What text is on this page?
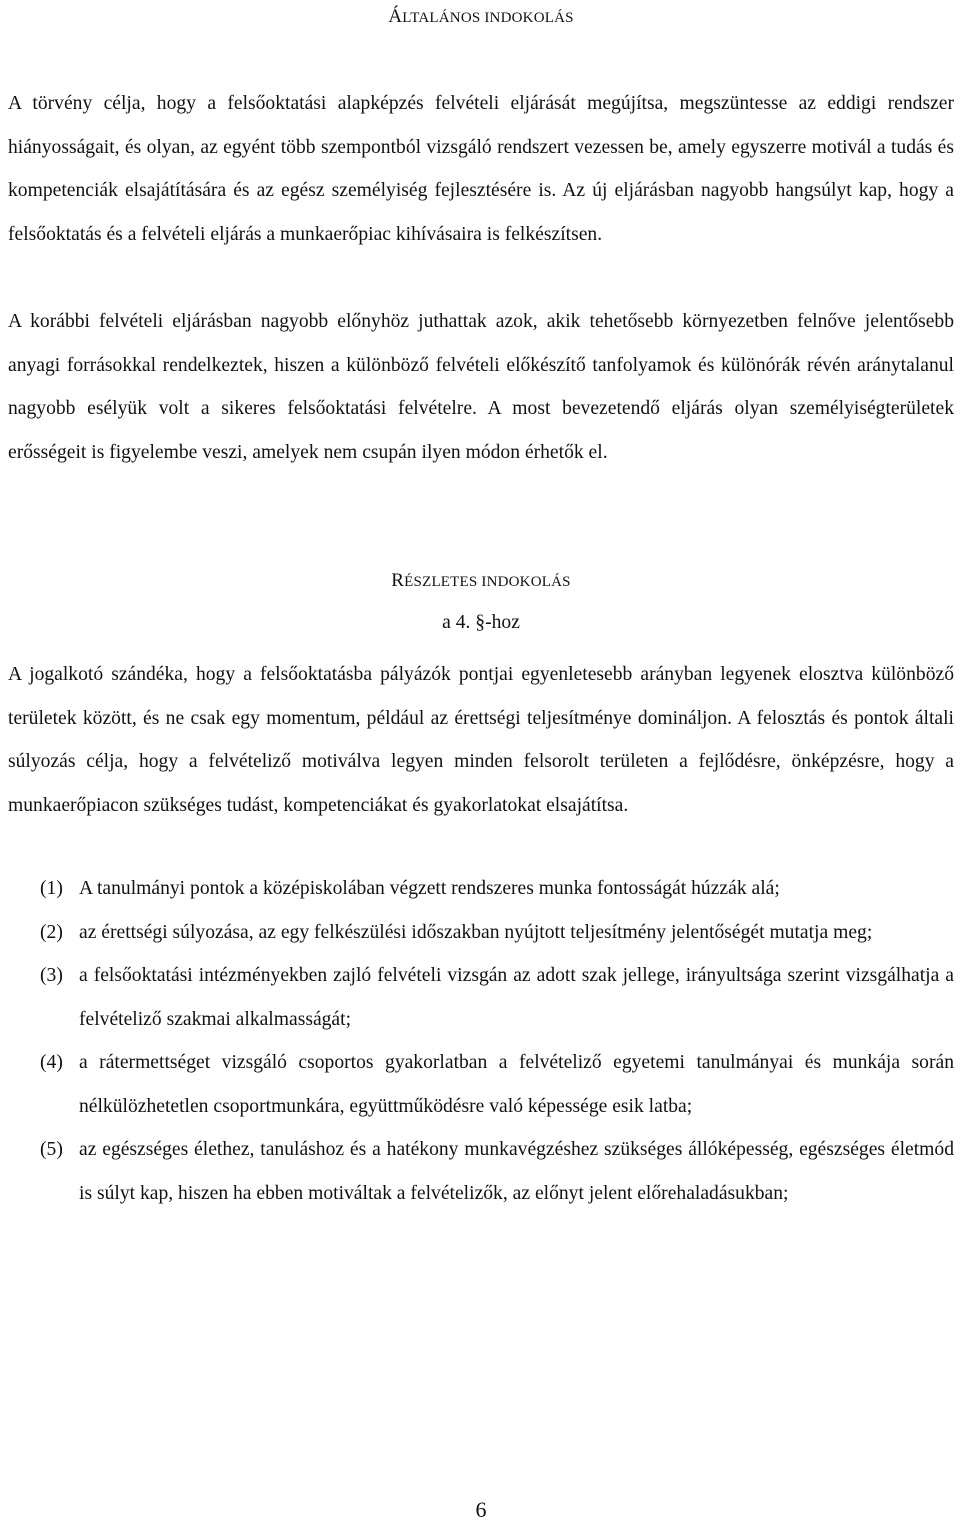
ÁLTALÁNOS INDOKOLÁS
A törvény célja, hogy a felsőoktatási alapképzés felvételi eljárását megújítsa, megszüntesse az eddigi rendszer hiányosságait, és olyan, az egyént több szempontból vizsgáló rendszert vezessen be, amely egyszerre motivál a tudás és kompetenciák elsajátítására és az egész személyiség fejlesztésére is. Az új eljárásban nagyobb hangsúlyt kap, hogy a felsőoktatás és a felvételi eljárás a munkaerőpiac kihívásaira is felkészítsen.
A korábbi felvételi eljárásban nagyobb előnyhöz juthattak azok, akik tehetősebb környezetben felnőve jelentősebb anyagi forrásokkal rendelkeztek, hiszen a különböző felvételi előkészítő tanfolyamok és különórák révén aránytalanul nagyobb esélyük volt a sikeres felsőoktatási felvételre. A most bevezetendő eljárás olyan személyiségterületek erősségeit is figyelembe veszi, amelyek nem csupán ilyen módon érhetők el.
RÉSZLETES INDOKOLÁS
a 4. §-hoz
A jogalkotó szándéka, hogy a felsőoktatásba pályázók pontjai egyenletesebb arányban legyenek elosztva különböző területek között, és ne csak egy momentum, például az érettségi teljesítménye domináljon. A felosztás és pontok általi súlyozás célja, hogy a felvételiző motiválva legyen minden felsorolt területen a fejlődésre, önképzésre, hogy a munkaerőpiacon szükséges tudást, kompetenciákat és gyakorlatokat elsajátítsa.
(1) A tanulmányi pontok a középiskolában végzett rendszeres munka fontosságát húzzák alá;
(2) az érettségi súlyozása, az egy felkészülési időszakban nyújtott teljesítmény jelentőségét mutatja meg;
(3) a felsőoktatási intézményekben zajló felvételi vizsgán az adott szak jellege, irányultsága szerint vizsgálhatja a felvételiző szakmai alkalmasságát;
(4) a rátermettséget vizsgáló csoportos gyakorlatban a felvételiző egyetemi tanulmányai és munkája során nélkülözhetetlen csoportmunkára, együttműködésre való képessége esik latba;
(5) az egészséges élethez, tanuláshoz és a hatékony munkavégzéshez szükséges állóképesség, egészséges életmód is súlyt kap, hiszen ha ebben motiváltak a felvételizők, az előnyt jelent előrehaladásukban;
6
